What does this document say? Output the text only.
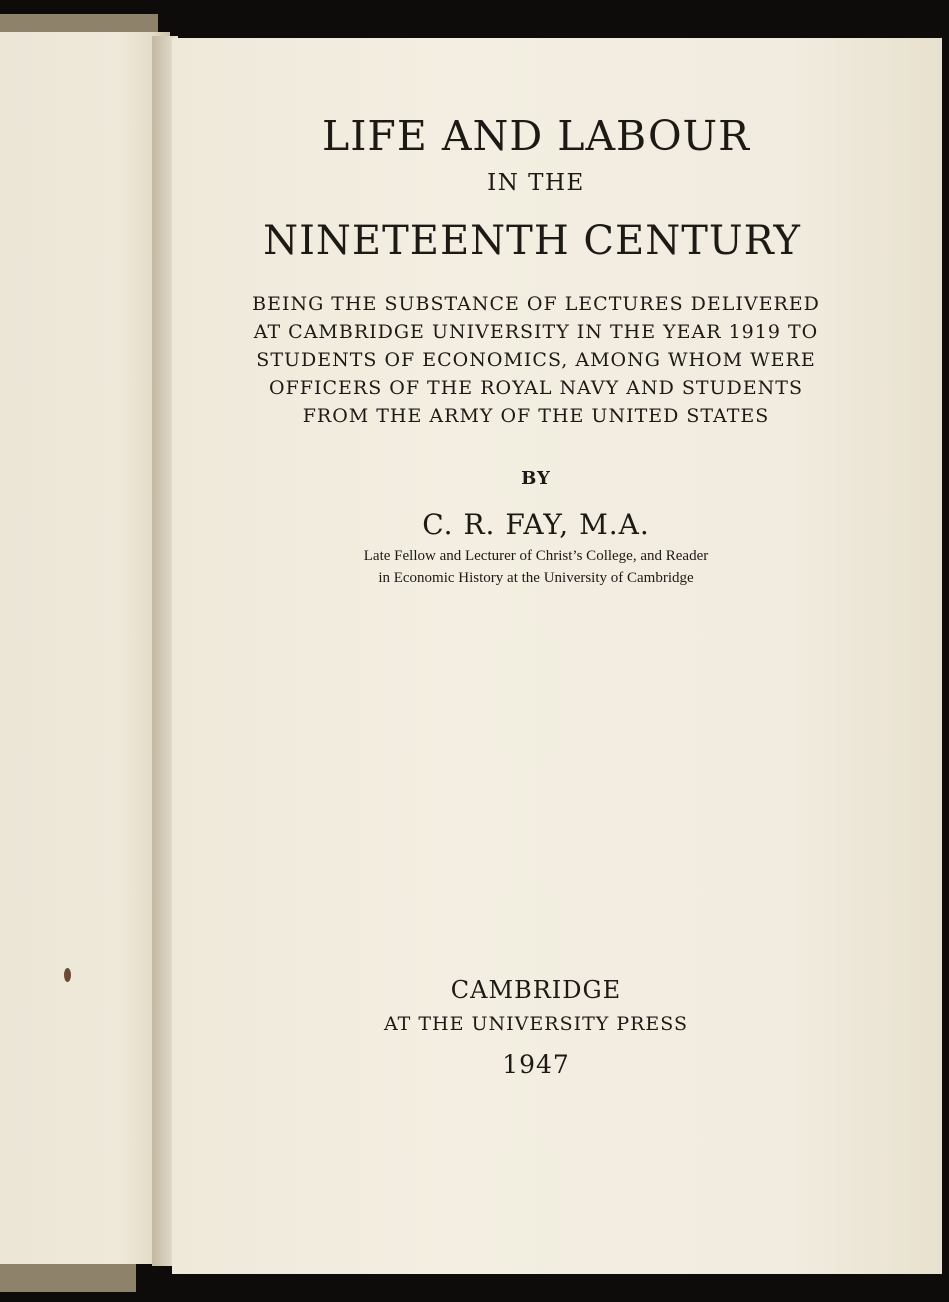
LIFE AND LABOUR

IN THE

NINETEENTH CENTURY

BEING THE SUBSTANCE OF LECTURES DELIVERED
AT CAMBRIDGE UNIVERSITY IN THE YEAR 1919 TO
STUDENTS OF ECONOMICS, AMONG WHOM WERE
OFFICERS OF THE ROYAL NAVY AND STUDENTS
FROM THE ARMY OF THE UNITED STATES

BY

C. R. FAY, M.A.

Late Fellow and Lecturer of Christ’s College, and Reader
in Economic History at the University of Cambridge

CAMBRIDGE

AT THE UNIVERSITY PRESS

1947
